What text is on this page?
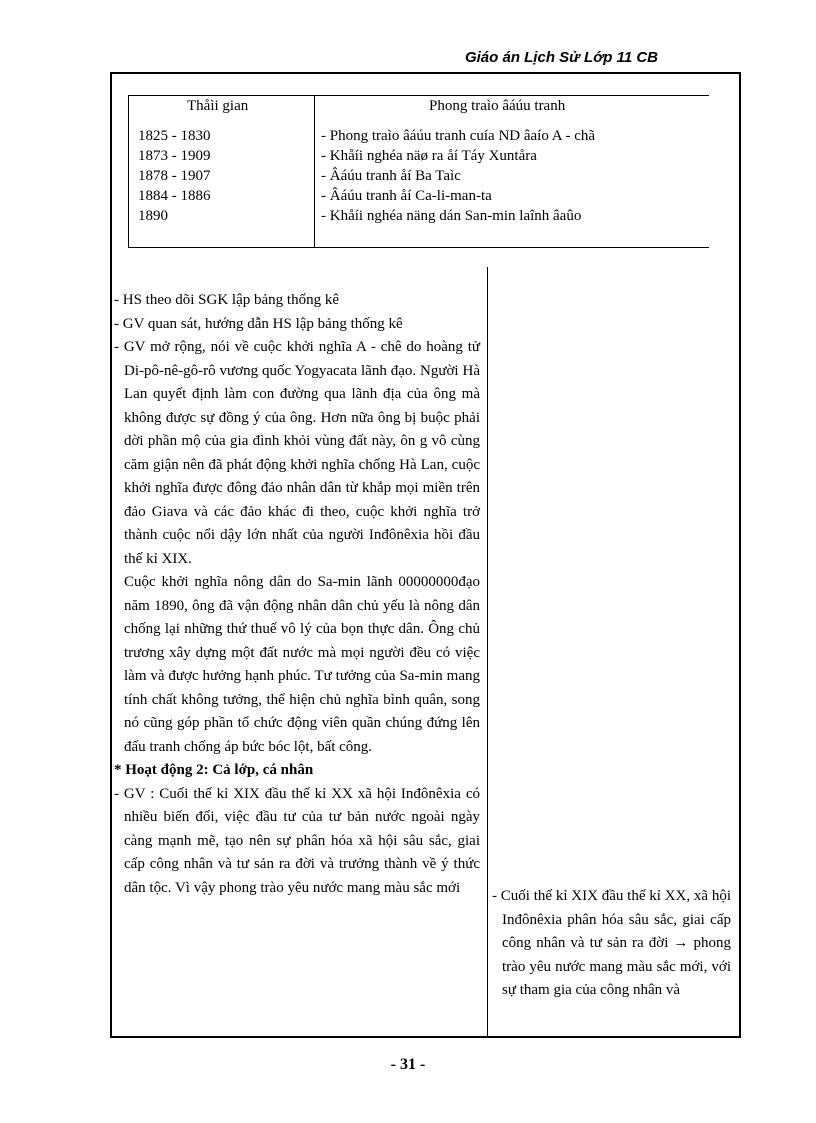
Giáo án Lịch Sử Lớp 11 CB
Thåìi gian	Phong traìo âáúu tranh
1825 - 1830	- Phong traìo âáúu tranh cuía ND âaío A - chã
1873 - 1909	- Khåíi nghéa näø ra åí Táy Xuntåra
1878 - 1907	- Âáúu tranh åí Ba Taìc
1884 - 1886	- Âáúu tranh åí Ca-li-man-ta
1890	- Khåíi nghéa näng dán San-min laînh âaûo

- HS theo dõi SGK lập bảng thống kê

- GV quan sát, hướng dẫn HS lập bảng thống kê

- GV mở rộng, nói về cuộc khởi nghĩa A - chê do hoàng tử Di-pô-nê-gô-rô vương quốc Yogyacata lãnh đạo. Người Hà Lan quyết định làm con đường qua lãnh địa của ông mà không được sự đồng ý của ông. Hơn nữa ông bị buộc phải dời phần mộ của gia đình khỏi vùng đất này, ôn g vô cùng căm giận nên đã phát động khởi nghĩa chống Hà Lan, cuộc khởi nghĩa được đông đảo nhân dân từ khắp mọi miền trên đảo Giava và các đảo khác đi theo, cuộc khởi nghĩa trở thành cuộc nổi dậy lớn nhất của người Inđônêxia hồi đầu thế kỉ XIX.

Cuộc khởi nghĩa nông dân do Sa-min lãnh 00000000đạo năm 1890, ông đã vận động nhân dân chủ yếu là nông dân chống lại những thứ thuế vô lý của bọn thực dân. Ông chủ trương xây dựng một đất nước mà mọi người đều có việc làm và được hưởng hạnh phúc. Tư tưởng của Sa-min mang tính chất không tưởng, thể hiện chủ nghĩa bình quân, song nó cũng góp phần tổ chức động viên quần chúng đứng lên đấu tranh chống áp bức bóc lột, bất công.

* Hoạt động 2: Cả lớp, cá nhân

- GV : Cuối thế kỉ XIX đầu thế kỉ XX xã hội Inđônêxia có nhiều biến đổi, việc đầu tư của tư bản nước ngoài ngày càng mạnh mẽ, tạo nên sự phân hóa xã hội sâu sắc, giai cấp công nhân và tư sản ra đời và trưởng thành về ý thức dân tộc. Vì vậy phong trào yêu nước mang màu sắc mới

- Cuối thế kỉ XIX đầu thế kỉ XX, xã hội Inđônêxia phân hóa sâu sắc, giai cấp công nhân và tư sản ra đời → phong trào yêu nước mang màu sắc mới, với sự tham gia của công nhân và

- 31 -
